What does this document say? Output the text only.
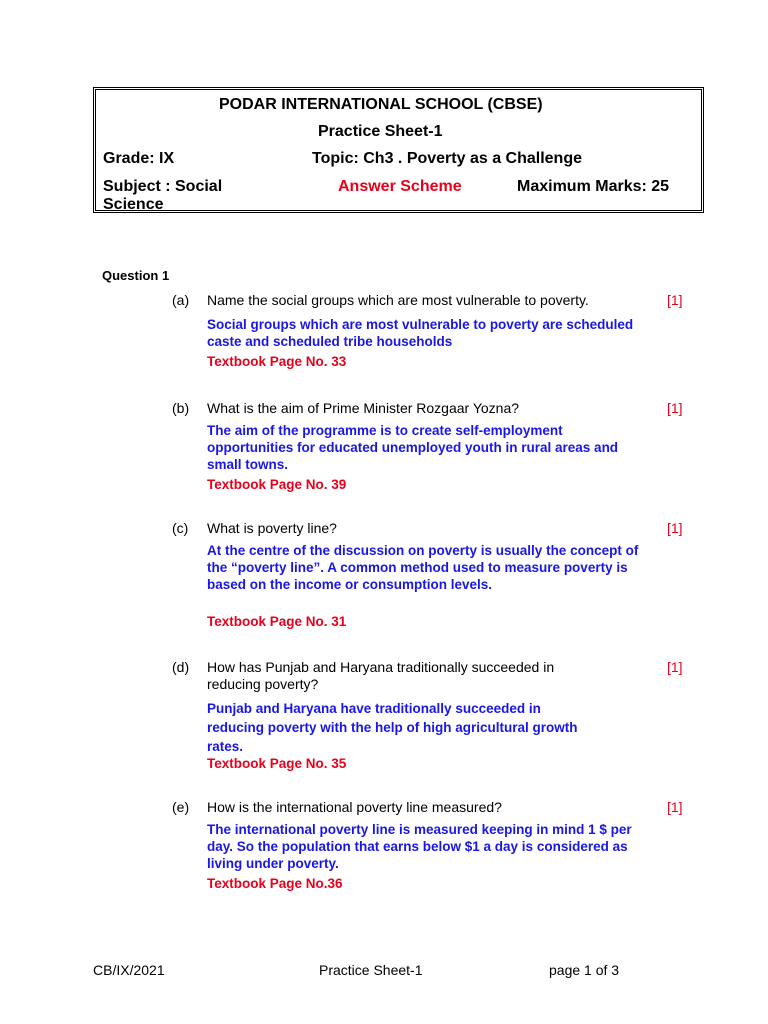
PODAR INTERNATIONAL SCHOOL (CBSE)
Practice Sheet-1
Grade: IX	Topic: Ch3 . Poverty as a Challenge
Subject : Social Science
Answer Scheme	Maximum Marks: 25
Question 1
(a) Name the social groups which are most vulnerable to poverty.	[1]
Social groups which are most vulnerable to poverty are scheduled caste and scheduled tribe households
Textbook Page No. 33
(b) What is the aim of Prime Minister Rozgaar Yozna?	[1]
The aim of the programme is to create self-employment opportunities for educated unemployed youth in rural areas and small towns.
Textbook Page No. 39
(c) What is poverty line?	[1]
At the centre of the discussion on poverty is usually the concept of the “poverty line”. A common method used to measure poverty is based on the income or consumption levels.
Textbook Page No. 31
(d) How has Punjab and Haryana traditionally succeeded in reducing poverty?
[1]
Punjab and Haryana have traditionally succeeded in reducing poverty with the help of high agricultural growth rates.
Textbook Page No. 35
(e) How is the international poverty line measured?	[1]
The international poverty line is measured keeping in mind 1 $ per day. So the population that earns below $1 a day is considered as living under poverty.
Textbook Page No.36
CB/IX/2021	Practice Sheet-1	page 1 of 3
